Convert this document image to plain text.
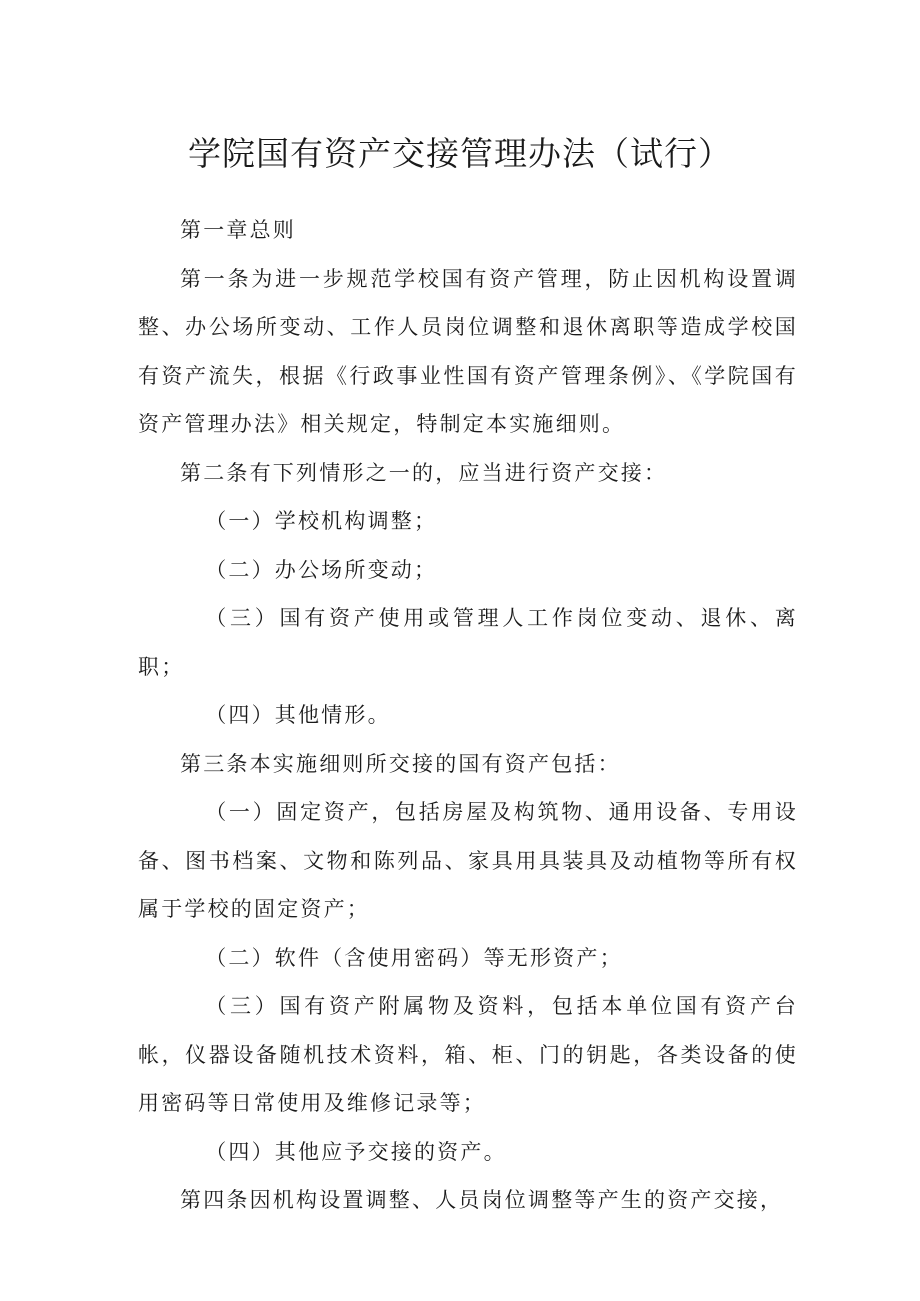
学院国有资产交接管理办法（试行）

第一章总则

第一条为进一步规范学校国有资产管理，防止因机构设置调整、办公场所变动、工作人员岗位调整和退休离职等造成学校国有资产流失，根据《行政事业性国有资产管理条例》、《学院国有资产管理办法》相关规定，特制定本实施细则。

第二条有下列情形之一的，应当进行资产交接：

（一）学校机构调整；

（二）办公场所变动；

（三）国有资产使用或管理人工作岗位变动、退休、离职；

（四）其他情形。

第三条本实施细则所交接的国有资产包括：

（一）固定资产，包括房屋及构筑物、通用设备、专用设备、图书档案、文物和陈列品、家具用具装具及动植物等所有权属于学校的固定资产；

（二）软件（含使用密码）等无形资产；

（三）国有资产附属物及资料，包括本单位国有资产台帐，仪器设备随机技术资料，箱、柜、门的钥匙，各类设备的使用密码等日常使用及维修记录等；

（四）其他应予交接的资产。

第四条因机构设置调整、人员岗位调整等产生的资产交接，
